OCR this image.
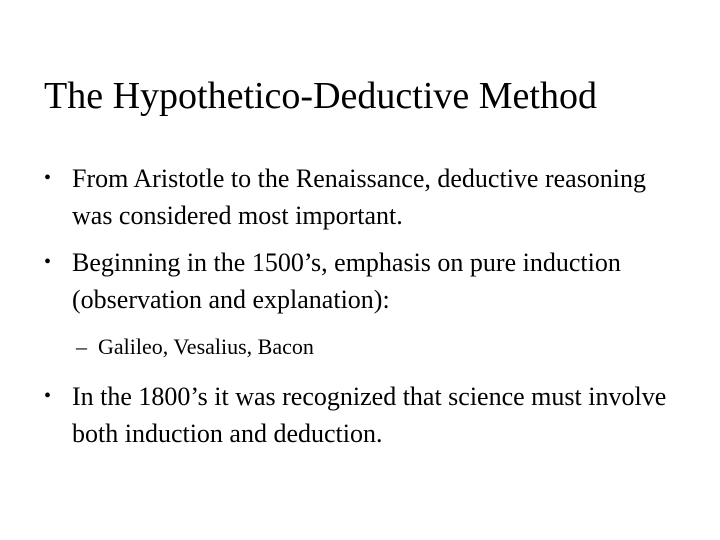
The Hypothetico-Deductive Method
• From Aristotle to the Renaissance, deductive reasoning was considered most important.
• Beginning in the 1500’s, emphasis on pure induction (observation and explanation):
– Galileo, Vesalius, Bacon
• In the 1800’s it was recognized that science must involve both induction and deduction.
